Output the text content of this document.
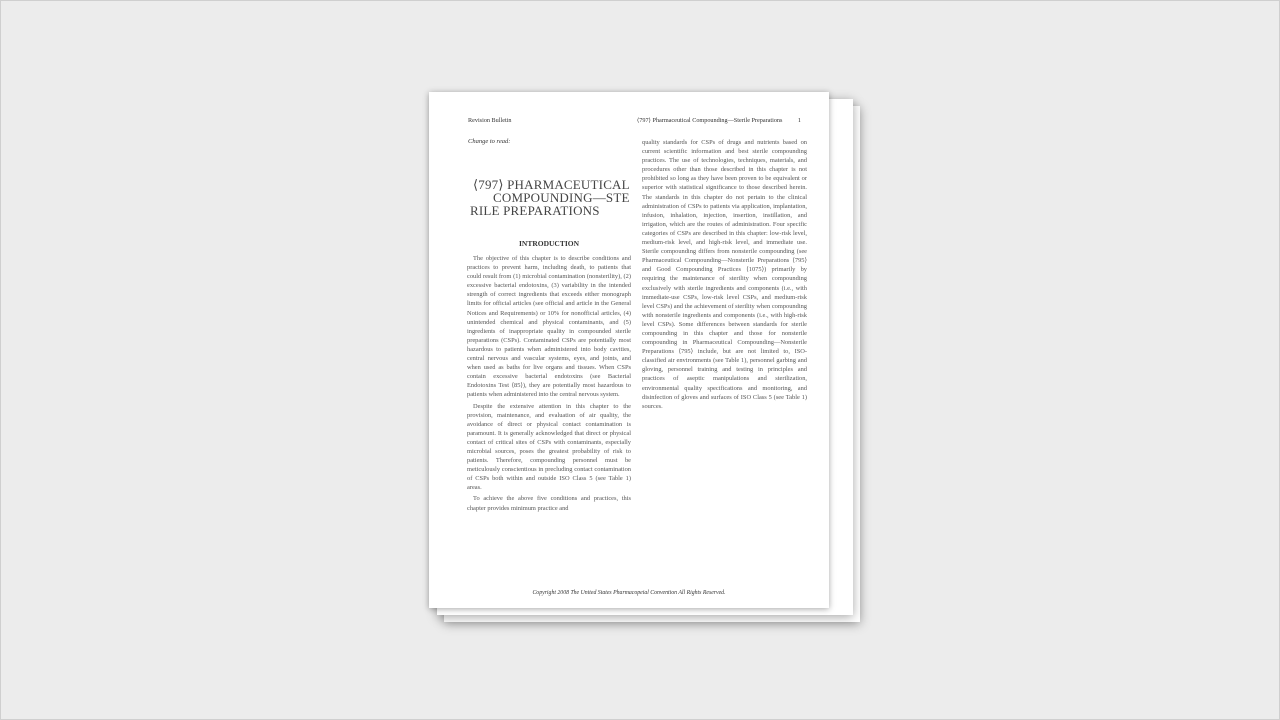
Revision Bulletin	⟨797⟩ Pharmaceutical Compounding—Sterile Preparations 1
Change to read:
⟨797⟩ PHARMACEUTICAL
COMPOUNDING—STE
RILE PREPARATIONS
INTRODUCTION

The objective of this chapter is to describe conditions and practices to prevent harm, including death, to patients that could result from (1) microbial contamination (nonsterility), (2) excessive bacterial endotoxins, (3) variability in the intended strength of correct ingredients that exceeds either monograph limits for official articles (see official and article in the General Notices and Requirements) or 10% for nonofficial articles, (4) unintended chemical and physical contaminants, and (5) ingredients of inappropriate quality in compounded sterile preparations (CSPs). Contaminated CSPs are potentially most hazardous to patients when administered into body cavities, central nervous and vascular systems, eyes, and joints, and when used as baths for live organs and tissues. When CSPs contain excessive bacterial endotoxins (see Bacterial Endotoxins Test ⟨85⟩), they are potentially most hazardous to patients when administered into the central nervous system.

Despite the extensive attention in this chapter to the provision, maintenance, and evaluation of air quality, the avoidance of direct or physical contact contamination is paramount. It is generally acknowledged that direct or physical contact of critical sites of CSPs with contaminants, especially microbial sources, poses the greatest probability of risk to patients. Therefore, compounding personnel must be meticulously conscientious in precluding contact contamination of CSPs both within and outside ISO Class 5 (see Table 1) areas.

To achieve the above five conditions and practices, this chapter provides minimum practice and

quality standards for CSPs of drugs and nutrients based on current scientific information and best sterile compounding practices. The use of technologies, techniques, materials, and procedures other than those described in this chapter is not prohibited so long as they have been proven to be equivalent or superior with statistical significance to those described herein. The standards in this chapter do not pertain to the clinical administration of CSPs to patients via application, implantation, infusion, inhalation, injection, insertion, instillation, and irrigation, which are the routes of administration. Four specific categories of CSPs are described in this chapter: low-risk level, medium-risk level, and high-risk level, and immediate use. Sterile compounding differs from nonsterile compounding (see Pharmaceutical Compounding—Nonsterile Preparations ⟨795⟩ and Good Compounding Practices ⟨1075⟩) primarily by requiring the maintenance of sterility when compounding exclusively with sterile ingredients and components (i.e., with immediate-use CSPs, low-risk level CSPs, and medium-risk level CSPs) and the achievement of sterility when compounding with nonsterile ingredients and components (i.e., with high-risk level CSPs). Some differences between standards for sterile compounding in this chapter and those for nonsterile compounding in Pharmaceutical Compounding—Nonsterile Preparations ⟨795⟩ include, but are not limited to, ISO-classified air environments (see Table 1), personnel garbing and gloving, personnel training and testing in principles and practices of aseptic manipulations and sterilization, environmental quality specifications and monitoring, and disinfection of gloves and surfaces of ISO Class 5 (see Table 1) sources.

Copyright 2008 The United States Pharmacopeial Convention All Rights Reserved.
